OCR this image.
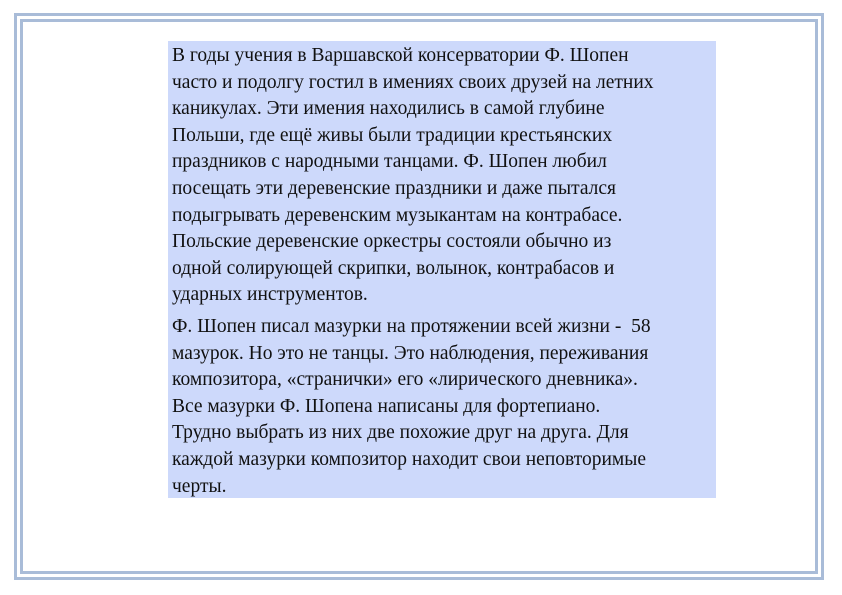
В годы учения в Варшавской консерватории Ф. Шопен
часто и подолгу гостил в имениях своих друзей на летних
каникулах. Эти имения находились в самой глубине
Польши, где ещё живы были традиции крестьянских
праздников с народными танцами. Ф. Шопен любил
посещать эти деревенские праздники и даже пытался
подыгрывать деревенским музыкантам на контрабасе.
Польские деревенские оркестры состояли обычно из
одной солирующей скрипки, волынок, контрабасов и
ударных инструментов.

Ф. Шопен писал мазурки на протяжении всей жизни -  58
мазурок. Но это не танцы. Это наблюдения, переживания
композитора, «странички» его «лирического дневника».
Все мазурки Ф. Шопена написаны для фортепиано.
Трудно выбрать из них две похожие друг на друга. Для
каждой мазурки композитор находит свои неповторимые
черты.
